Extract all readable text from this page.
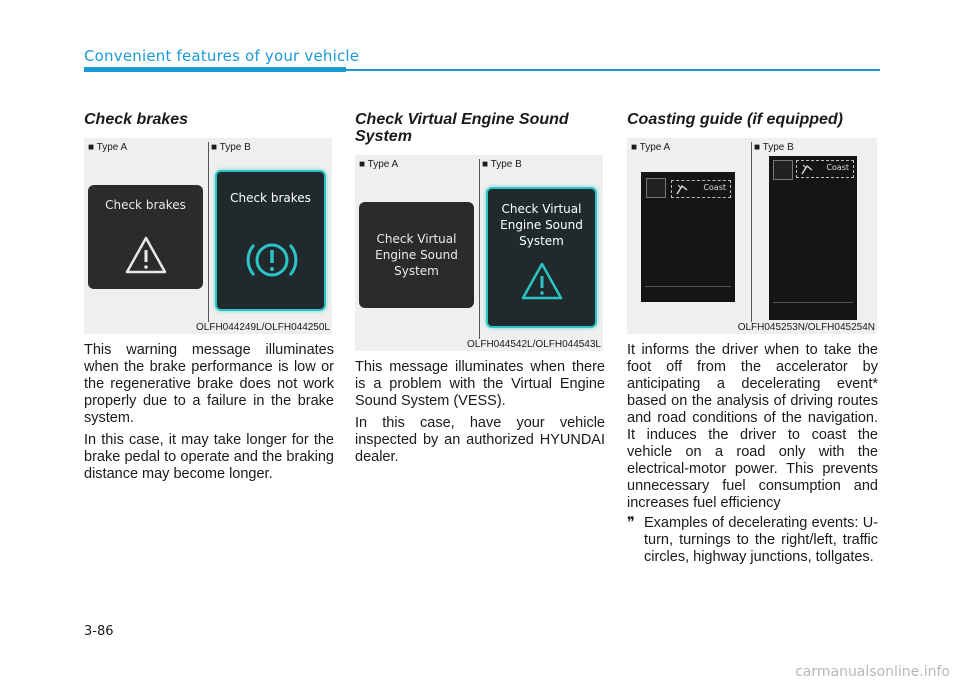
Convenient features of your vehicle
Check brakes
■ Type A	■ Type B
Check brakes	Check brakes
OLFH044249L/OLFH044250L

This warning message illuminates when the brake performance is low or the regenerative brake does not work properly due to a failure in the brake system.

In this case, it may take longer for the brake pedal to operate and the braking distance may become longer.

Check Virtual Engine Sound System
■ Type A	■ Type B
Check Virtual
Engine Sound
System
Check Virtual
Engine Sound
System
OLFH044542L/OLFH044543L

This message illuminates when there is a problem with the Virtual Engine Sound System (VESS).

In this case, have your vehicle inspected by an authorized HYUNDAI dealer.

Coasting guide (if equipped)
■ Type A	■ Type B
Coast
Coast
OLFH045253N/OLFH045254N

It informs the driver when to take the foot off from the accelerator by anticipating a decelerating event* based on the analysis of driving routes and road conditions of the navigation. It induces the driver to coast the vehicle on a road only with the electrical-motor power. This prevents unnecessary fuel consumption and increases fuel efficiency

❞ Examples of decelerating events: U-turn, turnings to the right/left, traffic circles, highway junctions, tollgates.
3-86
carmanualsonline.info
